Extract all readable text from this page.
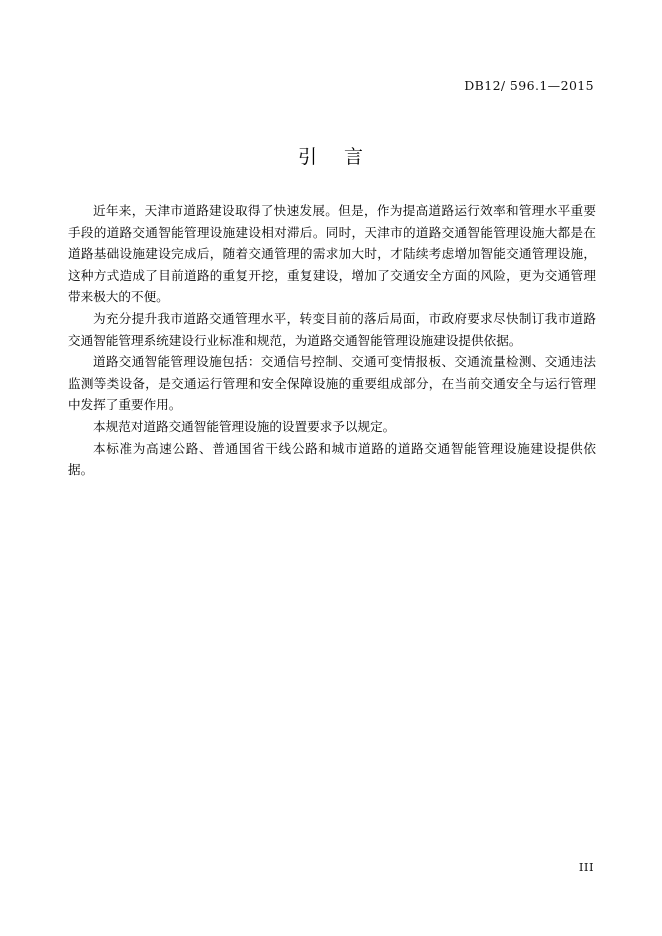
DB12/ 596.1—2015
引 言

近年来，天津市道路建设取得了快速发展。但是，作为提高道路运行效率和管理水平重要手段的道路交通智能管理设施建设相对滞后。同时，天津市的道路交通智能管理设施大都是在道路基础设施建设完成后，随着交通管理的需求加大时，才陆续考虑增加智能交通管理设施，这种方式造成了目前道路的重复开挖，重复建设，增加了交通安全方面的风险，更为交通管理带来极大的不便。

为充分提升我市道路交通管理水平，转变目前的落后局面，市政府要求尽快制订我市道路交通智能管理系统建设行业标准和规范，为道路交通智能管理设施建设提供依据。

道路交通智能管理设施包括：交通信号控制、交通可变情报板、交通流量检测、交通违法监测等类设备，是交通运行管理和安全保障设施的重要组成部分，在当前交通安全与运行管理中发挥了重要作用。

本规范对道路交通智能管理设施的设置要求予以规定。

本标准为高速公路、普通国省干线公路和城市道路的道路交通智能管理设施建设提供依据。

III
